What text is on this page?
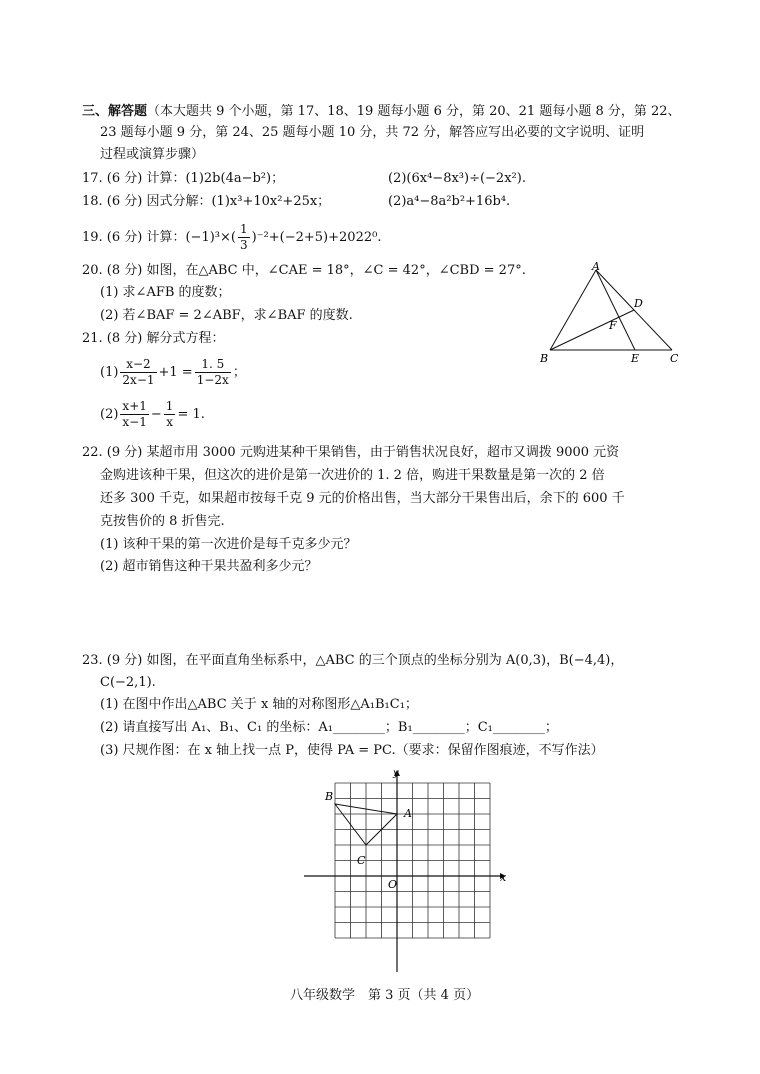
三、解答题（本大题共 9 个小题，第 17、18、19 题每小题 6 分，第 20、21 题每小题 8 分，第 22、
23 题每小题 9 分，第 24、25 题每小题 10 分，共 72 分，解答应写出必要的文字说明、证明
过程或演算步骤）
17. (6 分) 计算：(1)2b(4a−b²)；	(2)(6x⁴−8x³)÷(−2x²).
18. (6 分) 因式分解：(1)x³+10x²+25x；	(2)a⁴−8a²b²+16b⁴.
19. (6 分) 计算：$(-1)^3\times( \frac{1}{3} )^{-2}+(-2+5)+2022^0$.
20. (8 分) 如图，在△ABC 中，∠CAE = 18°，∠C = 42°，∠CBD = 27°.
(1) 求∠AFB 的度数；
(2) 若∠BAF = 2∠ABF，求∠BAF 的度数.
A
B	C
D
E
F
21. (8 分) 解分式方程：
$(1) \frac{x-2}{2x-1} +1 = \frac{1. 5}{1-2x}$ ；
$(2) \frac{x+1}{x-1} - \frac{1}{x} = 1$.
22. (9 分) 某超市用 3000 元购进某种干果销售，由于销售状况良好，超市又调拨 9000 元资
金购进该种干果，但这次的进价是第一次进价的 1. 2 倍，购进干果数量是第一次的 2 倍
还多 300 千克，如果超市按每千克 9 元的价格出售，当大部分干果售出后，余下的 600 千
克按售价的 8 折售完.
(1) 该种干果的第一次进价是每千克多少元？
(2) 超市销售这种干果共盈利多少元？
23. (9 分) 如图，在平面直角坐标系中，△ABC 的三个顶点的坐标分别为 A(0,3)，B(−4,4)，
C(−2,1).
(1) 在图中作出△ABC 关于 x 轴的对称图形△A₁B₁C₁；
(2) 请直接写出 A₁、B₁、C₁ 的坐标：A₁________；B₁________；C₁________；
(3) 尺规作图：在 x 轴上找一点 P，使得 PA = PC.（要求：保留作图痕迹，不写作法）
B
A
C
O
x
y
八年级数学　第 3 页（共 4 页）
